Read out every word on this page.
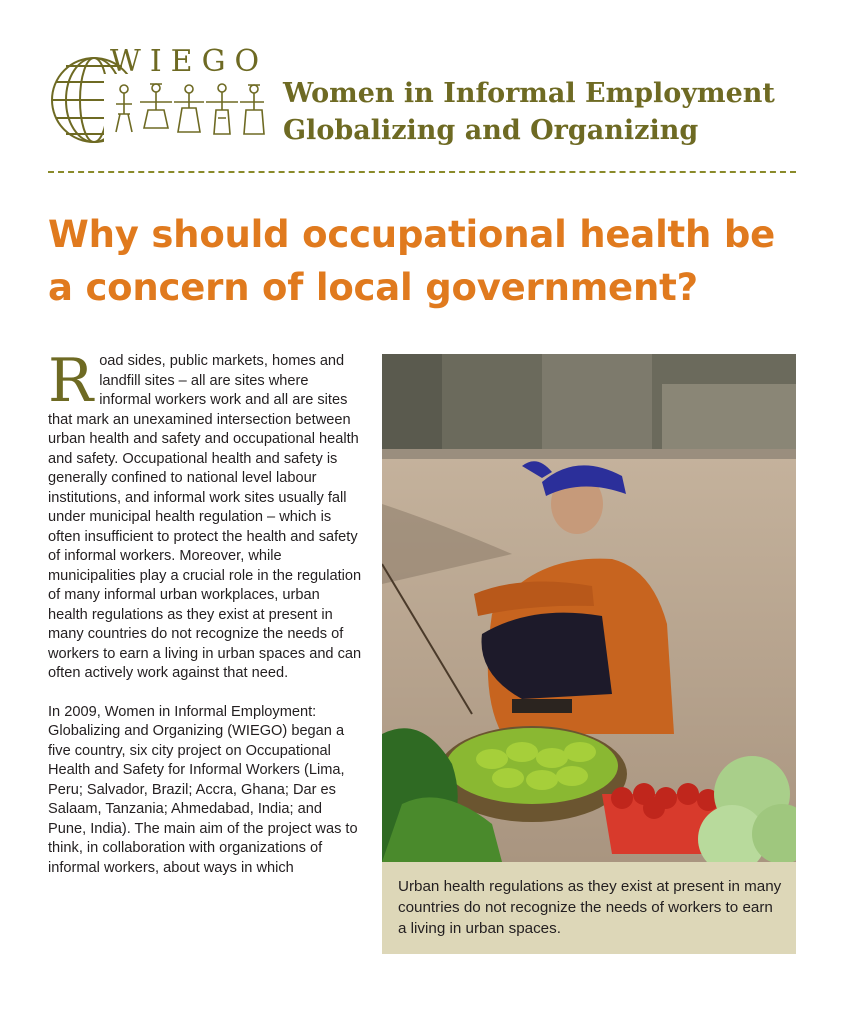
WIEGO
Women in Informal Employment
Globalizing and Organizing
Why should occupational health be
a concern of local government?

Road sides, public markets, homes and landfill sites – all are sites where informal workers work and all are sites that mark an unexamined intersection between urban health and safety and occupational health and safety. Occupational health and safety is generally confined to national level labour institutions, and informal work sites usually fall under municipal health regulation – which is often insufficient to protect the health and safety of informal workers. Moreover, while municipalities play a crucial role in the regulation of many informal urban workplaces, urban health regulations as they exist at present in many countries do not recognize the needs of workers to earn a living in urban spaces and can often actively work against that need.

In 2009, Women in Informal Employment: Globalizing and Organizing (WIEGO) began a five country, six city project on Occupational Health and Safety for Informal Workers (Lima, Peru; Salvador, Brazil; Accra, Ghana; Dar es Salaam, Tanzania; Ahmedabad, India; and Pune, India). The main aim of the project was to think, in collaboration with organizations of informal workers, about ways in which

Urban health regulations as they exist at present in many countries do not recognize the needs of workers to earn a living in urban spaces.
